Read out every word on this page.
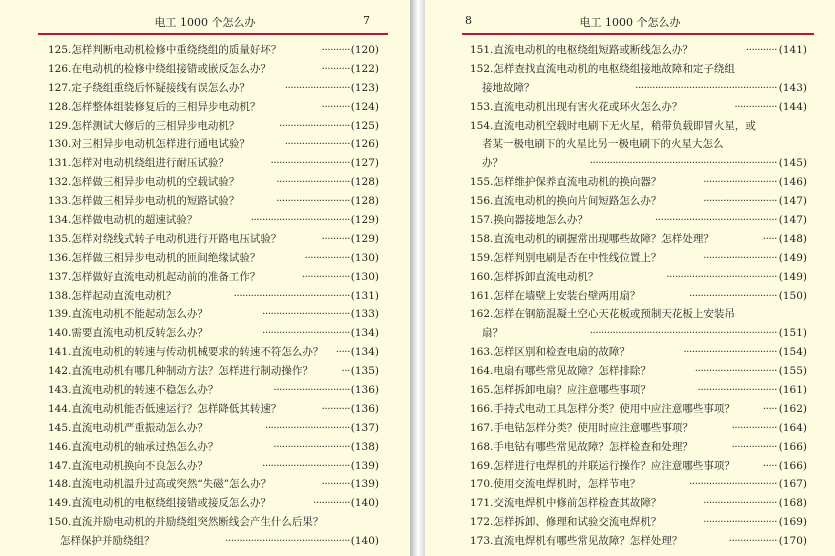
电工 1000 个怎么办	7
125.怎样判断电动机检修中重绕绕组的质量好坏？	·········· (120)
126.在电动机的检修中绕组接错或嵌反怎么办？	·········· (122)
127.定子绕组重绕后怀疑接线有误怎么办？	······················· (123)
128.怎样整体组装修复后的三相异步电动机？	·········· (124)
129.怎样测试大修后的三相异步电动机？	························· (125)
130.对三相异步电动机怎样进行通电试验？	······················· (126)
131.怎样对电动机绕组进行耐压试验？	···························· (127)
132.怎样做三相异步电动机的空载试验？	·························· (128)
133.怎样做三相异步电动机的短路试验？	·························· (128)
134.怎样做电动机的超速试验？	··································· (129)
135.怎样对绕线式转子电动机进行开路电压试验？	·········· (129)
136.怎样做三相异步电动机的匝间绝缘试验？	················ (130)
137.怎样做好直流电动机起动前的准备工作？	················· (130)
138.怎样起动直流电动机？	········································· (131)
139.直流电动机不能起动怎么办？	······························· (133)
140.需要直流电动机反转怎么办？	······························· (134)
141.直流电动机的转速与传动机械要求的转速不符怎么办？ ····· (134)
142.直流电动机有哪几种制动方法？怎样进行制动操作？	··· (135)
143.直流电动机的转速不稳怎么办？	··························· (136)
144.直流电动机能否低速运行？怎样降低其转速？	·········· (136)
145.直流电动机严重振动怎么办？	······························ (137)
146.直流电动机的轴承过热怎么办？	··························· (138)
147.直流电动机换向不良怎么办？	······························· (139)
148.直流电动机温升过高或突然“失磁”怎么办？	·········· (139)
149.直流电动机的电枢绕组接错或接反怎么办？	············· (140)
150.直流并励电动机的并励绕组突然断线会产生什么后果？
怎样保护并励绕组？	············································ (140)
8	电工 1000 个怎么办
151.直流电动机的电枢绕组短路或断线怎么办？	··········· (141)
152.怎样查找直流电动机的电枢绕组接地故障和定子绕组
接地故障？	·················································· (143)
153.直流电动机出现有害火花或环火怎么办？	··············· (144)
154.直流电动机空载时电刷下无火星，稍带负载即冒火星，或
者某一极电刷下的火星比另一极电刷下的火星大怎么
办？	·································································· (145)
155.怎样维护保养直流电动机的换向器？	·························· (146)
156.直流电动机的换向片间短路怎么办？	·························· (147)
157.换向器接地怎么办？	··········································· (147)
158.直流电动机的刷握常出现哪些故障？怎样处理？	····· (148)
159.怎样判别电刷是否在中性线位置上？	·························· (149)
160.怎样拆卸直流电动机？	······································· (149)
161.怎样在墙壁上安装台壁两用扇？	······························· (150)
162.怎样在钢筋混凝土空心天花板或预制天花板上安装吊
扇？	·································································· (151)
163.怎样区别和检查电扇的故障？	································· (154)
164.电扇有哪些常见故障？怎样排除？	····························· (155)
165.怎样拆卸电扇？应注意哪些事项？	···························· (161)
166.手持式电动工具怎样分类？使用中应注意哪些事项？	····· (162)
167.手电钻怎样分类？使用时应注意哪些事项？	················ (164)
168.手电钻有哪些常见故障？怎样检查和处理？	················ (166)
169.怎样进行电焊机的并联运行操作？应注意哪些事项？	····· (166)
170.使用交流电焊机时，怎样节电？	······························· (167)
171.交流电焊机中修前怎样检查其故障？	·························· (168)
172.怎样拆卸、修理和试验交流电焊机？	·························· (169)
173.直流电焊机有哪些常见故障？怎样处理？	················· (170)
